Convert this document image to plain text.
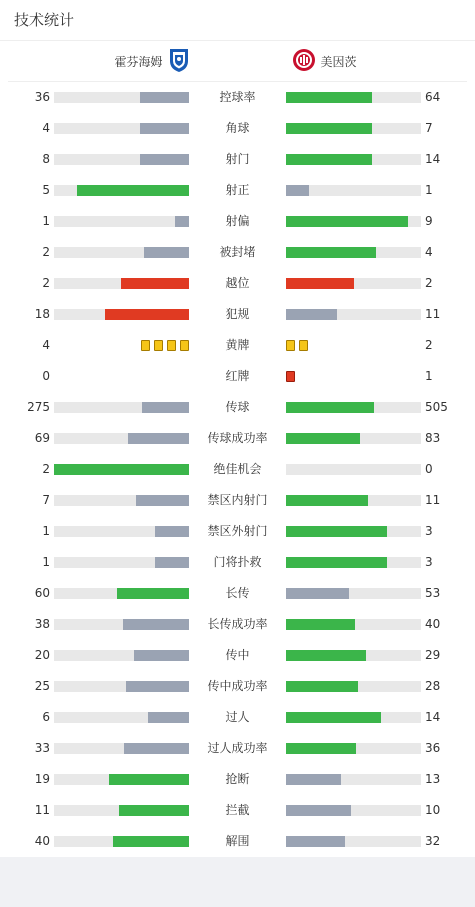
技术统计
霍芬海姆	美因茨
36	控球率	64
4	角球	7
8	射门	14
5	射正	1
1	射偏	9
2	被封堵	4
2	越位	2
18	犯规	11
4	黄牌	2
0	红牌	1
275	传球	505
69	传球成功率	83
2	绝佳机会	0
7	禁区内射门	11
1	禁区外射门	3
1	门将扑救	3
60	长传	53
38	长传成功率	40
20	传中	29
25	传中成功率	28
6	过人	14
33	过人成功率	36
19	抢断	13
11	拦截	10
40	解围	32
